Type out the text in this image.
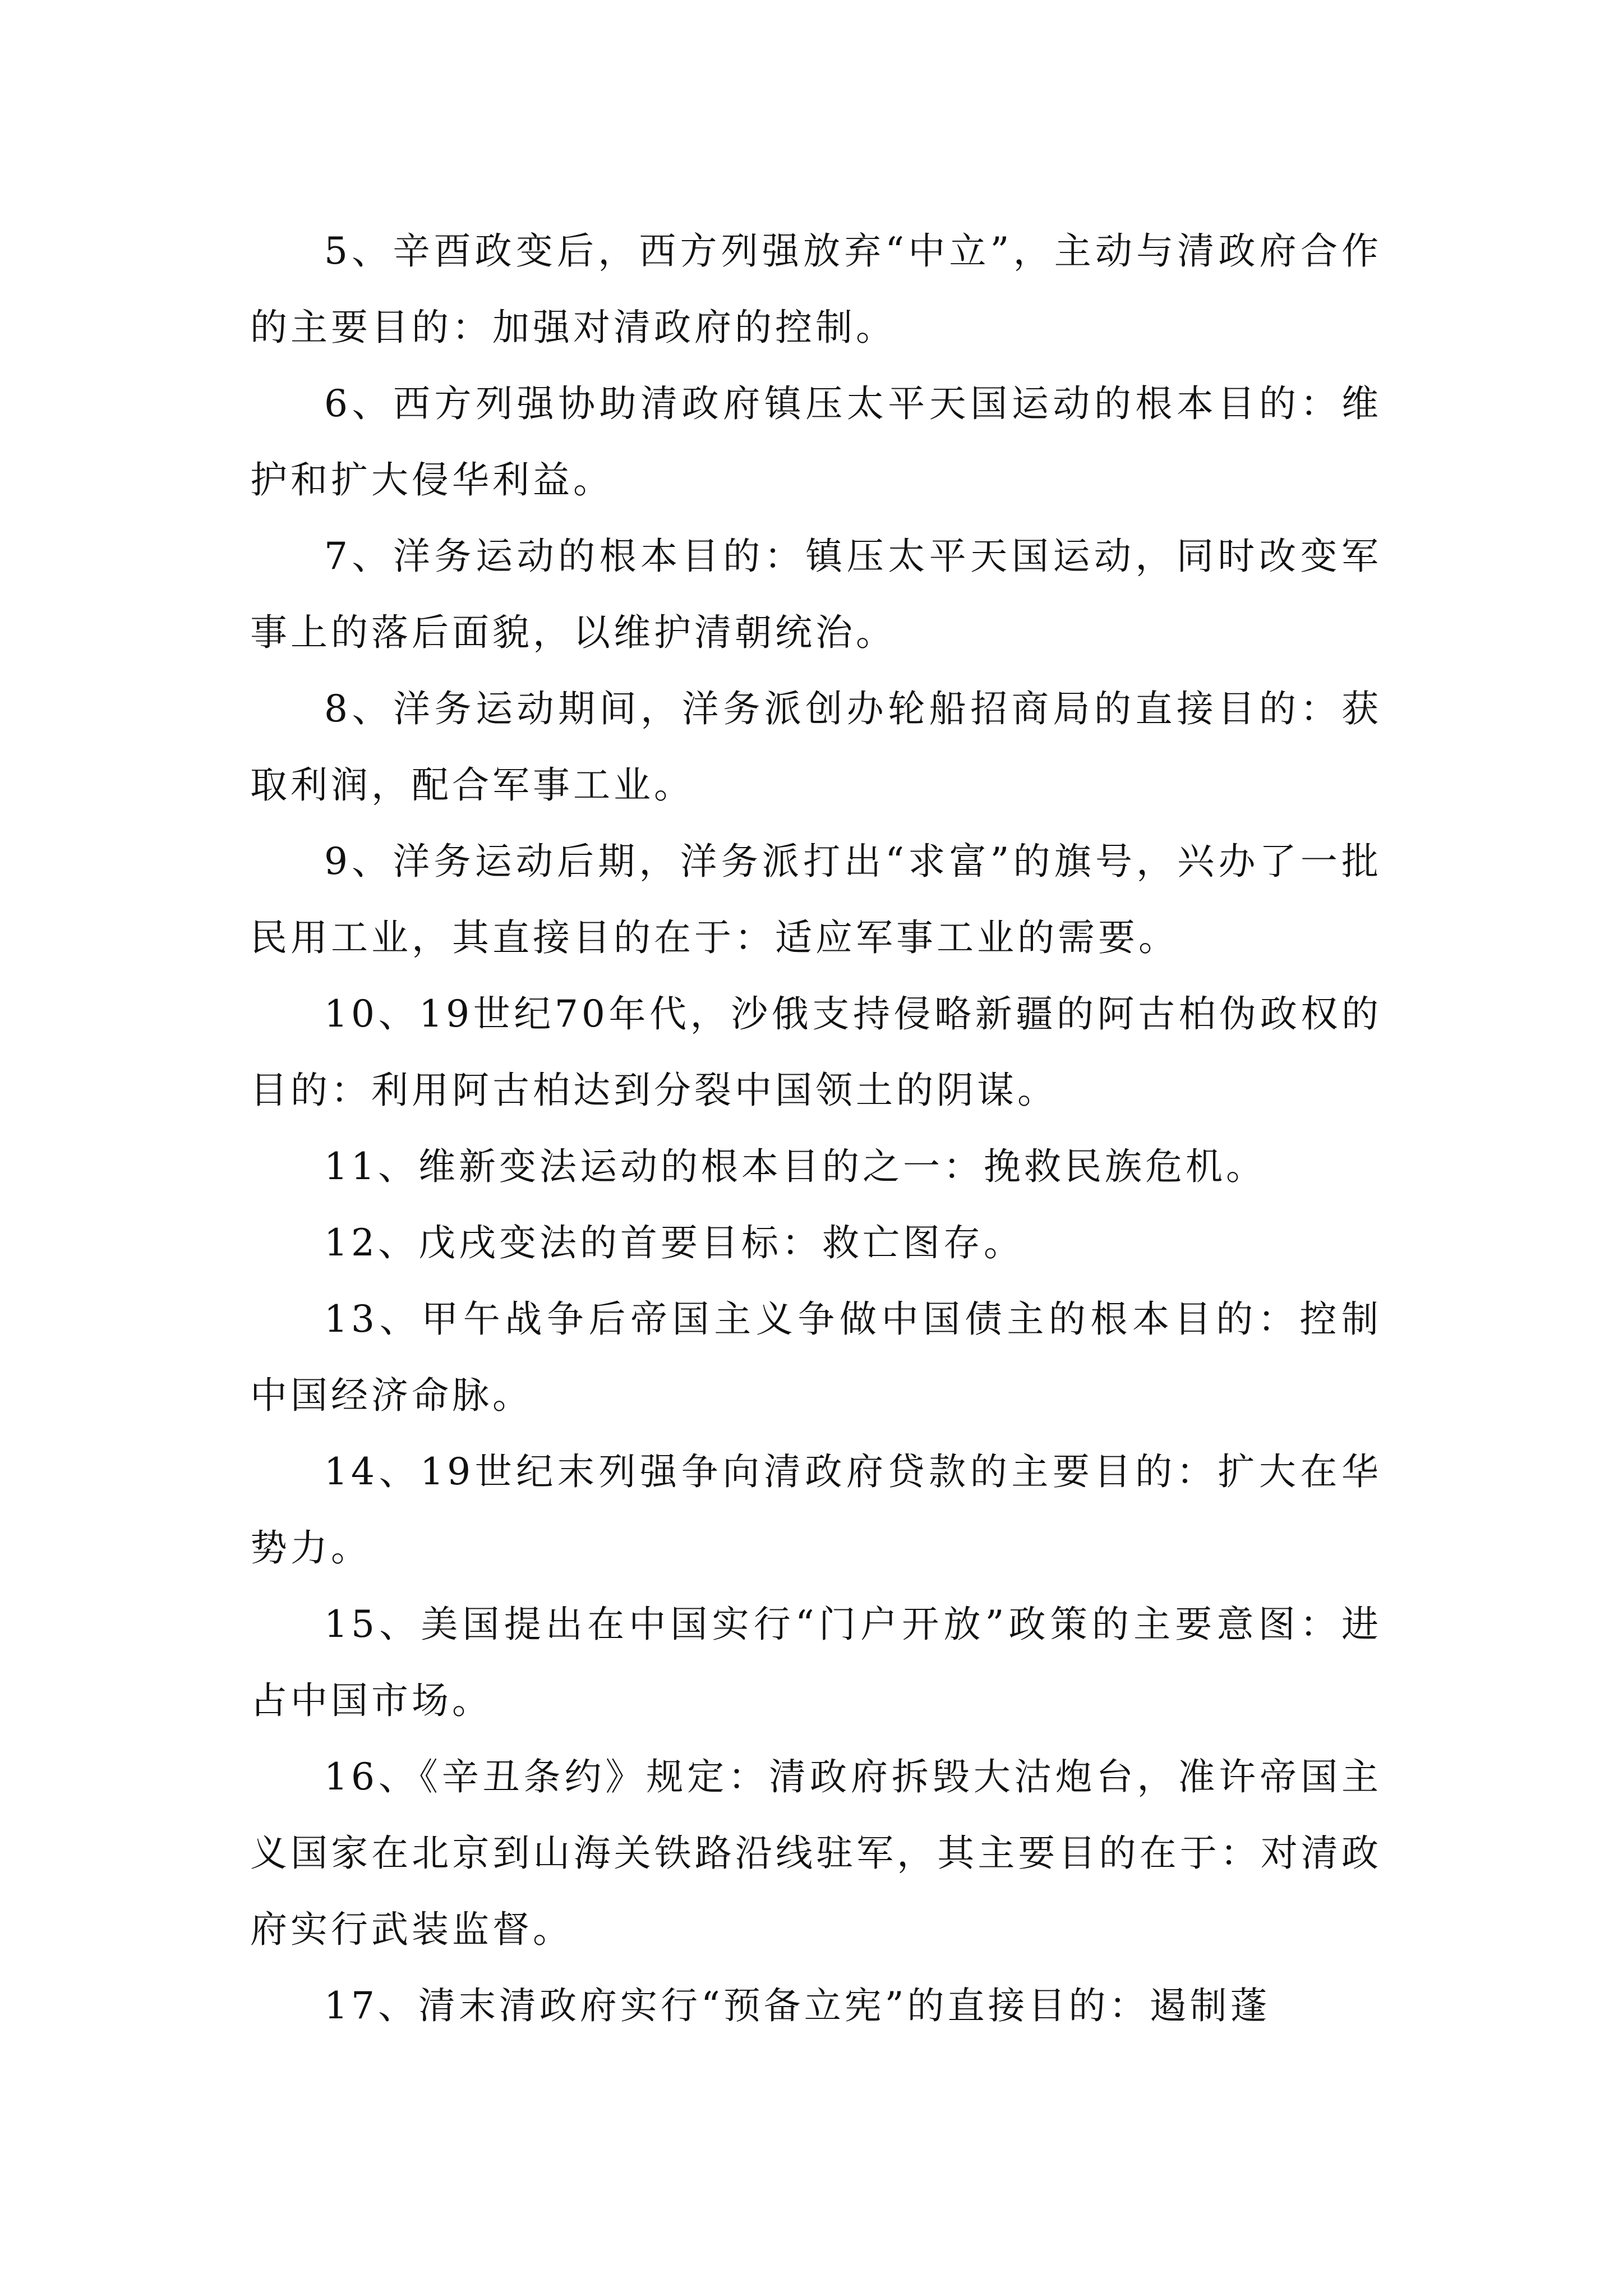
5、辛酉政变后，西方列强放弃“中立”，主动与清政府合作的主要目的：加强对清政府的控制。

6、西方列强协助清政府镇压太平天国运动的根本目的：维护和扩大侵华利益。

7、洋务运动的根本目的：镇压太平天国运动，同时改变军事上的落后面貌，以维护清朝统治。

8、洋务运动期间，洋务派创办轮船招商局的直接目的：获取利润，配合军事工业。

9、洋务运动后期，洋务派打出“求富”的旗号，兴办了一批民用工业，其直接目的在于：适应军事工业的需要。

10、19世纪70年代，沙俄支持侵略新疆的阿古柏伪政权的目的：利用阿古柏达到分裂中国领土的阴谋。

11、维新变法运动的根本目的之一：挽救民族危机。

12、戊戌变法的首要目标：救亡图存。

13、甲午战争后帝国主义争做中国债主的根本目的：控制中国经济命脉。

14、19世纪末列强争向清政府贷款的主要目的：扩大在华势力。

15、美国提出在中国实行“门户开放”政策的主要意图：进占中国市场。

16、《辛丑条约》规定：清政府拆毁大沽炮台，准许帝国主义国家在北京到山海关铁路沿线驻军，其主要目的在于：对清政府实行武装监督。

17、清末清政府实行“预备立宪”的直接目的：遏制蓬
